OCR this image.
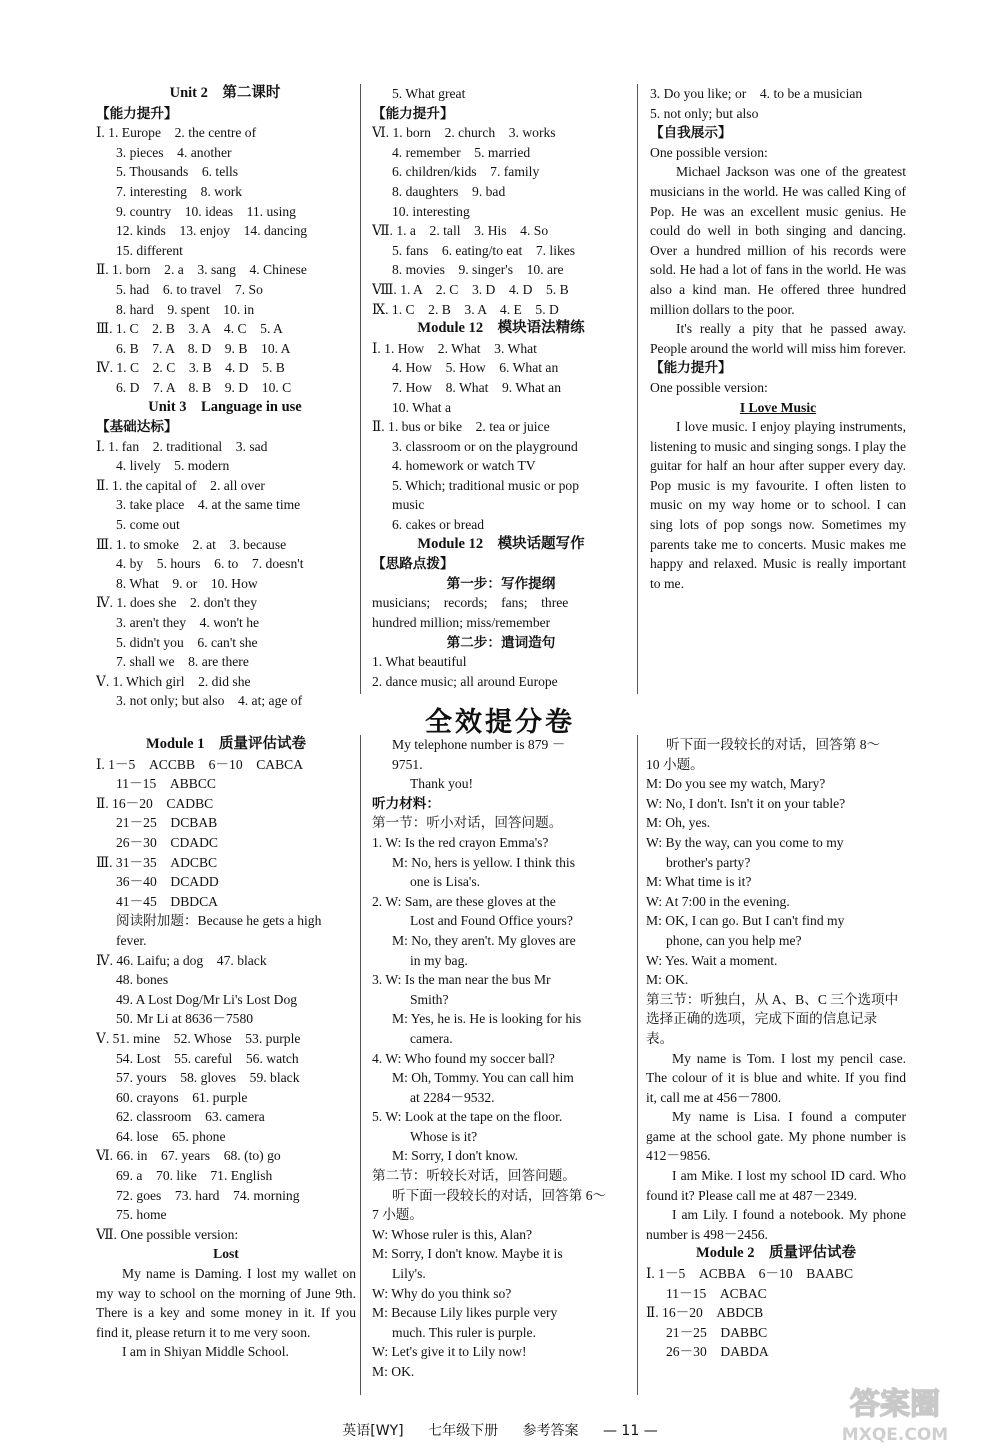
Unit 2　第二课时
【能力提升】
Ⅰ. 1. Europe　2. the centre of
3. pieces　4. another
5. Thousands　6. tells
7. interesting　8. work
9. country　10. ideas　11. using
12. kinds　13. enjoy　14. dancing
15. different
Ⅱ. 1. born　2. a　3. sang　4. Chinese
5. had　6. to travel　7. So
8. hard　9. spent　10. in
Ⅲ. 1. C　2. B　3. A　4. C　5. A
6. B　7. A　8. D　9. B　10. A
Ⅳ. 1. C　2. C　3. B　4. D　5. B
6. D　7. A　8. B　9. D　10. C
Unit 3　Language in use
【基础达标】
Ⅰ. 1. fan　2. traditional　3. sad
4. lively　5. modern
Ⅱ. 1. the capital of　2. all over
3. take place　4. at the same time
5. come out
Ⅲ. 1. to smoke　2. at　3. because
4. by　5. hours　6. to　7. doesn't
8. What　9. or　10. How
Ⅳ. 1. does she　2. don't they
3. aren't they　4. won't he
5. didn't you　6. can't she
7. shall we　8. are there
Ⅴ. 1. Which girl　2. did she
3. not only; but also　4. at; age of
5. What great
【能力提升】
Ⅵ. 1. born　2. church　3. works
4. remember　5. married
6. children/kids　7. family
8. daughters　9. bad
10. interesting
Ⅶ. 1. a　2. tall　3. His　4. So
5. fans　6. eating/to eat　7. likes
8. movies　9. singer's　10. are
Ⅷ. 1. A　2. C　3. D　4. D　5. B
Ⅸ. 1. C　2. B　3. A　4. E　5. D
Module 12　模块语法精练
Ⅰ. 1. How　2. What　3. What
4. How　5. How　6. What an
7. How　8. What　9. What an
10. What a
Ⅱ. 1. bus or bike　2. tea or juice
3. classroom or on the playground
4. homework or watch TV
5. Which; traditional music or pop
music
6. cakes or bread
Module 12　模块话题写作
【思路点拨】
第一步：写作提纲
musicians;　records;　fans;　three
hundred million; miss/remember
第二步：遣词造句
1. What beautiful
2. dance music; all around Europe
3. Do you like; or　4. to be a musician
5. not only; but also
【自我展示】
One possible version:
Michael Jackson was one of the greatest musicians in the world. He was called King of Pop. He was an excellent music genius. He could do well in both singing and dancing. Over a hundred million of his records were sold. He had a lot of fans in the world. He was also a kind man. He offered three hundred million dollars to the poor.
It's really a pity that he passed away. People around the world will miss him forever.
【能力提升】
One possible version:
I Love Music
I love music. I enjoy playing instruments, listening to music and singing songs. I play the guitar for half an hour after supper every day. Pop music is my favourite. I often listen to music on my way home or to school. I can sing lots of pop songs now. Sometimes my parents take me to concerts. Music makes me happy and relaxed. Music is really important to me.
全效提分卷
Module 1　质量评估试卷
Ⅰ. 1－5　ACCBB　6－10　CABCA
11－15　ABBCC
Ⅱ. 16－20　CADBC
21－25　DCBAB
26－30　CDADC
Ⅲ. 31－35　ADCBC
36－40　DCADD
41－45　DBDCA
阅读附加题：Because he gets a high
fever.
Ⅳ. 46. Laifu; a dog　47. black
48. bones
49. A Lost Dog/Mr Li's Lost Dog
50. Mr Li at 8636－7580
Ⅴ. 51. mine　52. Whose　53. purple
54. Lost　55. careful　56. watch
57. yours　58. gloves　59. black
60. crayons　61. purple
62. classroom　63. camera
64. lose　65. phone
Ⅵ. 66. in　67. years　68. (to) go
69. a　70. like　71. English
72. goes　73. hard　74. morning
75. home
Ⅶ. One possible version:
Lost
My name is Daming. I lost my wallet on my way to school on the morning of June 9th. There is a key and some money in it. If you find it, please return it to me very soon.
I am in Shiyan Middle School.
My telephone number is 879 －
9751.
Thank you!
听力材料：
第一节：听小对话，回答问题。
1. W: Is the red crayon Emma's?
M: No, hers is yellow. I think this
one is Lisa's.
2. W: Sam, are these gloves at the
Lost and Found Office yours?
M: No, they aren't. My gloves are
in my bag.
3. W: Is the man near the bus Mr
Smith?
M: Yes, he is. He is looking for his
camera.
4. W: Who found my soccer ball?
M: Oh, Tommy. You can call him
at 2284－9532.
5. W: Look at the tape on the floor.
Whose is it?
M: Sorry, I don't know.
第二节：听较长对话，回答问题。
听下面一段较长的对话，回答第 6～
7 小题。
W: Whose ruler is this, Alan?
M: Sorry, I don't know. Maybe it is
Lily's.
W: Why do you think so?
M: Because Lily likes purple very
much. This ruler is purple.
W: Let's give it to Lily now!
M: OK.
听下面一段较长的对话，回答第 8～
10 小题。
M: Do you see my watch, Mary?
W: No, I don't. Isn't it on your table?
M: Oh, yes.
W: By the way, can you come to my
brother's party?
M: What time is it?
W: At 7:00 in the evening.
M: OK, I can go. But I can't find my
phone, can you help me?
W: Yes. Wait a moment.
M: OK.
第三节：听独白，从 A、B、C 三个选项中
选择正确的选项，完成下面的信息记录
表。
My name is Tom. I lost my pencil case. The colour of it is blue and white. If you find it, call me at 456－7800.
My name is Lisa. I found a computer game at the school gate. My phone number is 412－9856.
I am Mike. I lost my school ID card. Who found it? Please call me at 487－2349.
I am Lily. I found a notebook. My phone number is 498－2456.
Module 2　质量评估试卷
Ⅰ. 1－5　ACBBA　6－10　BAABC
11－15　ACBAC
Ⅱ. 16－20　ABDCB
21－25　DABBC
26－30　DABDA
英语[WY] 七年级下册 参考答案 — 11 —
答案圈
MXQE.COM
